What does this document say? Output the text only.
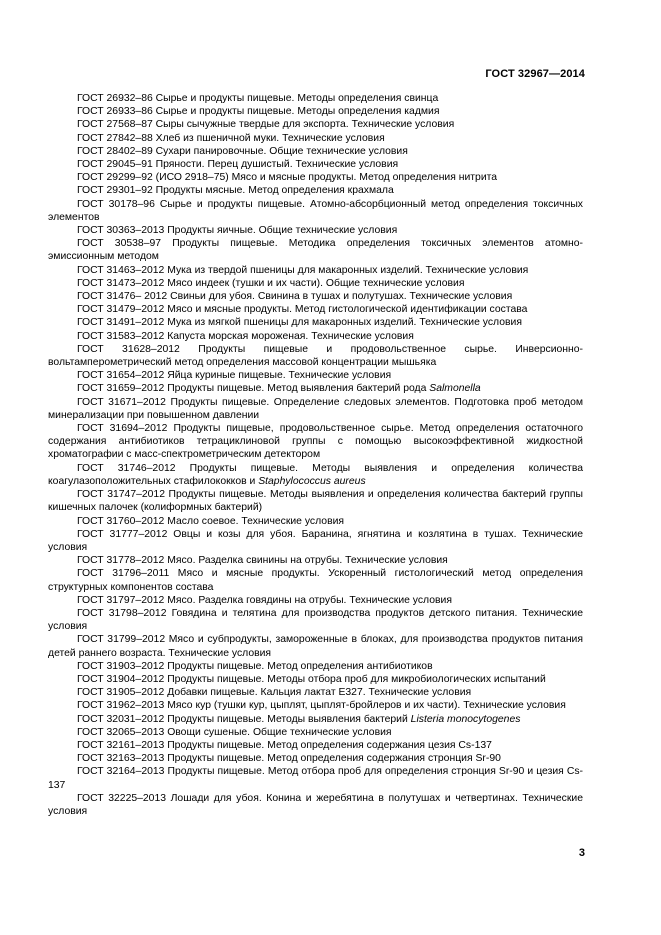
ГОСТ 32967—2014

ГОСТ 26932–86 Сырье и продукты пищевые. Методы определения свинца

ГОСТ 26933–86 Сырье и продукты пищевые. Методы определения кадмия

ГОСТ 27568–87 Сыры сычужные твердые для экспорта. Технические условия

ГОСТ 27842–88 Хлеб из пшеничной муки. Технические условия

ГОСТ 28402–89 Сухари панировочные. Общие технические условия

ГОСТ 29045–91 Пряности. Перец душистый. Технические условия

ГОСТ 29299–92 (ИСО 2918–75) Мясо и мясные продукты. Метод определения нитрита

ГОСТ 29301–92 Продукты мясные. Метод определения крахмала

ГОСТ 30178–96 Сырье и продукты пищевые. Атомно-абсорбционный метод определения токсичных элементов

ГОСТ 30363–2013 Продукты яичные. Общие технические условия

ГОСТ 30538–97 Продукты пищевые. Методика определения токсичных элементов атомно-эмиссионным методом

ГОСТ 31463–2012 Мука из твердой пшеницы для макаронных изделий. Технические условия

ГОСТ 31473–2012 Мясо индеек (тушки и их части). Общие технические условия

ГОСТ 31476– 2012 Свиньи для убоя. Свинина в тушах и полутушах. Технические условия

ГОСТ 31479–2012 Мясо и мясные продукты. Метод гистологической идентификации состава

ГОСТ 31491–2012 Мука из мягкой пшеницы для макаронных изделий. Технические условия

ГОСТ 31583–2012 Капуста морская мороженая. Технические условия

ГОСТ 31628–2012 Продукты пищевые и продовольственное сырье. Инверсионно-вольтамперометрический метод определения массовой концентрации мышьяка

ГОСТ 31654–2012 Яйца куриные пищевые. Технические условия

ГОСТ 31659–2012 Продукты пищевые. Метод выявления бактерий рода Salmonella

ГОСТ 31671–2012 Продукты пищевые. Определение следовых элементов. Подготовка проб методом минерализации при повышенном давлении

ГОСТ 31694–2012 Продукты пищевые, продовольственное сырье. Метод определения остаточного содержания антибиотиков тетрациклиновой группы с помощью высокоэффективной жидкостной хроматографии с масс-спектрометрическим детектором

ГОСТ 31746–2012 Продукты пищевые. Методы выявления и определения количества коагулазоположительных стафилококков и Staphylococcus aureus

ГОСТ 31747–2012 Продукты пищевые. Методы выявления и определения количества бактерий группы кишечных палочек (колиформных бактерий)

ГОСТ 31760–2012 Масло соевое. Технические условия

ГОСТ 31777–2012 Овцы и козы для убоя. Баранина, ягнятина и козлятина в тушах. Технические условия

ГОСТ 31778–2012 Мясо. Разделка свинины на отрубы. Технические условия

ГОСТ 31796–2011 Мясо и мясные продукты. Ускоренный гистологический метод определения структурных компонентов состава

ГОСТ 31797–2012 Мясо. Разделка говядины на отрубы. Технические условия

ГОСТ 31798–2012 Говядина и телятина для производства продуктов детского питания. Технические условия

ГОСТ 31799–2012 Мясо и субпродукты, замороженные в блоках, для производства продуктов питания детей раннего возраста. Технические условия

ГОСТ 31903–2012 Продукты пищевые. Метод определения антибиотиков

ГОСТ 31904–2012 Продукты пищевые. Методы отбора проб для микробиологических испытаний

ГОСТ 31905–2012 Добавки пищевые. Кальция лактат Е327. Технические условия

ГОСТ 31962–2013 Мясо кур (тушки кур, цыплят, цыплят-бройлеров и их части). Технические условия

ГОСТ 32031–2012 Продукты пищевые. Методы выявления бактерий Listeria monocytogenes

ГОСТ 32065–2013 Овощи сушеные. Общие технические условия

ГОСТ 32161–2013 Продукты пищевые. Метод определения содержания цезия Cs-137

ГОСТ 32163–2013 Продукты пищевые. Метод определения содержания стронция Sr-90

ГОСТ 32164–2013 Продукты пищевые. Метод отбора проб для определения стронция Sr-90 и цезия Cs-137

ГОСТ 32225–2013 Лошади для убоя. Конина и жеребятина в полутушах и четвертинах. Технические условия

3
